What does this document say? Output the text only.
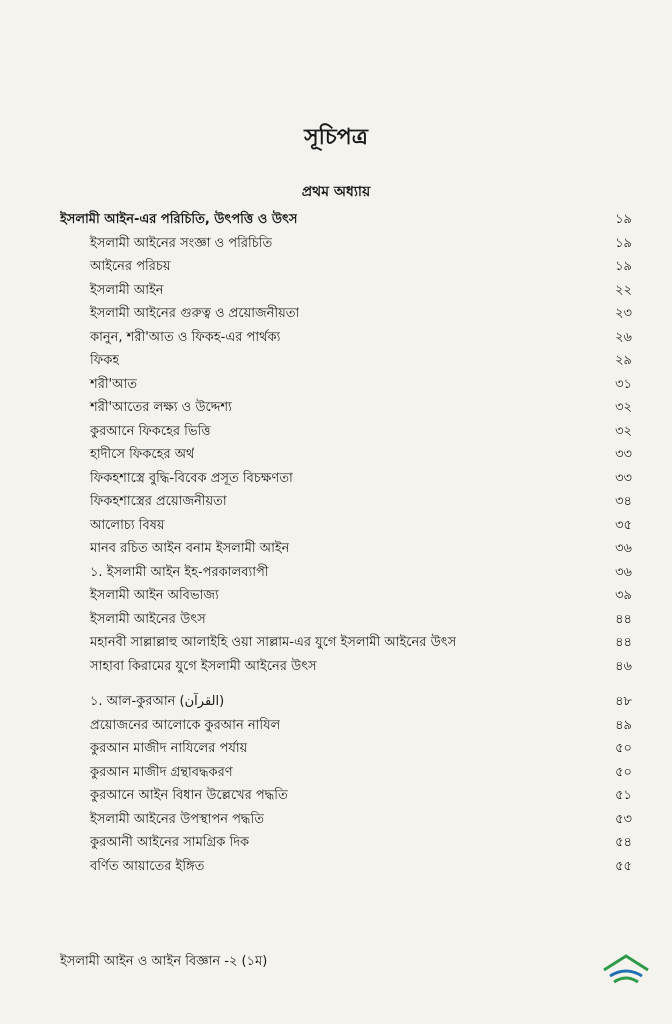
সূচিপত্র
প্রথম অধ্যায়
ইসলামী আইন-এর পরিচিতি, উৎপত্তি ও উৎস	১৯
ইসলামী আইনের সংজ্ঞা ও পরিচিতি	১৯
আইনের পরিচয়	১৯
ইসলামী আইন	২২
ইসলামী আইনের গুরুত্ব ও প্রয়োজনীয়তা	২৩
কানুন, শরী'আত ও ফিকহ-এর পার্থক্য	২৬
ফিকহ	২৯
শরী'আত	৩১
শরী'আতের লক্ষ্য ও উদ্দেশ্য	৩২
কুরআনে ফিকহের ভিত্তি	৩২
হাদীসে ফিকহের অর্থ	৩৩
ফিকহশাস্ত্রে বুদ্ধি-বিবেক প্রসূত বিচক্ষণতা	৩৩
ফিকহশাস্ত্রের প্রয়োজনীয়তা	৩৪
আলোচ্য বিষয়	৩৫
মানব রচিত আইন বনাম ইসলামী আইন	৩৬
১. ইসলামী আইন ইহ-পরকালব্যাপী	৩৬
ইসলামী আইন অবিভাজ্য	৩৯
ইসলামী আইনের উৎস	৪৪
মহানবী সাল্লাল্লাহু আলাইহি ওয়া সাল্লাম-এর যুগে ইসলামী আইনের উৎস	৪৪
সাহাবা কিরামের যুগে ইসলামী আইনের উৎস	৪৬
১. আল-কুরআন (القرآن)	৪৮
প্রয়োজনের আলোকে কুরআন নাযিল	৪৯
কুরআন মাজীদ নাযিলের পর্যায়	৫০
কুরআন মাজীদ গ্রন্থাবদ্ধকরণ	৫০
কুরআনে আইন বিধান উল্লেখের পদ্ধতি	৫১
ইসলামী আইনের উপস্থাপন পদ্ধতি	৫৩
কুরআনী আইনের সামগ্রিক দিক	৫৪
বর্ণিত আয়াতের ইঙ্গিত	৫৫
ইসলামী আইন ও আইন বিজ্ঞান -২ (১ম)
